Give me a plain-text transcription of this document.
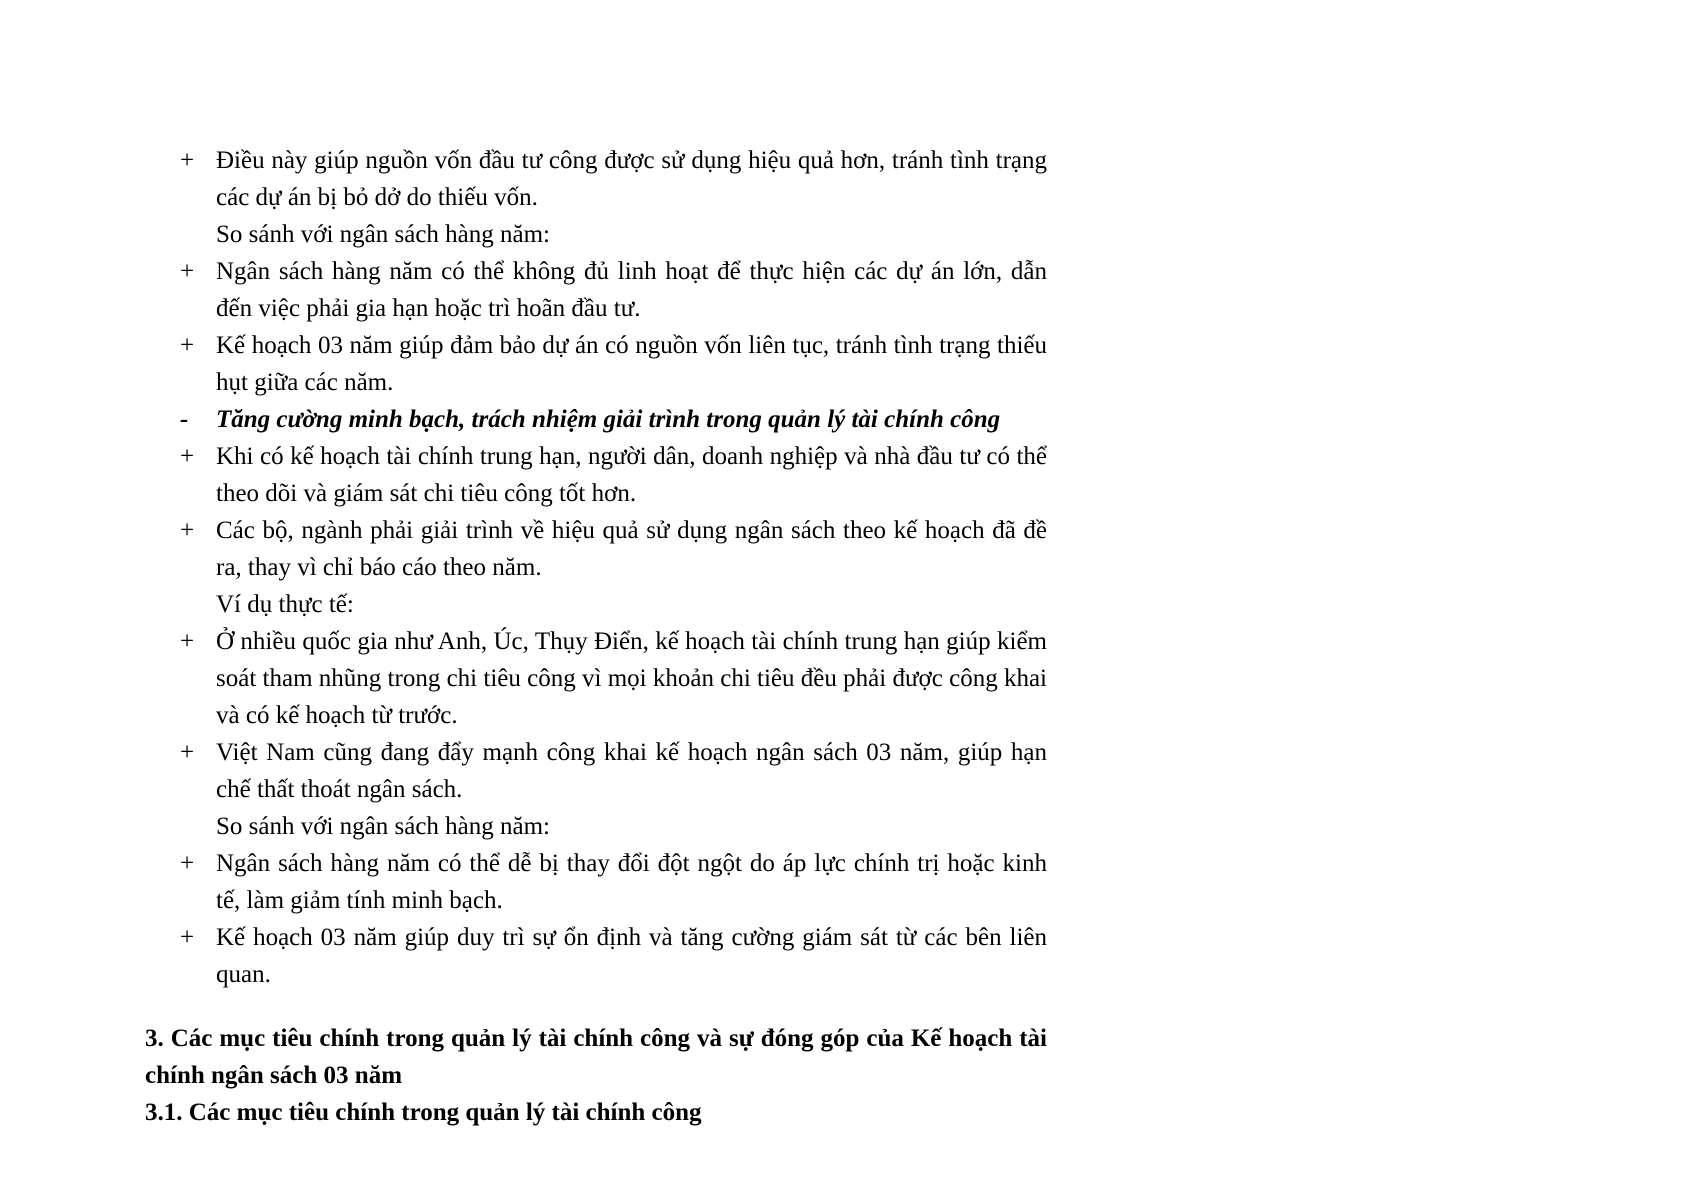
+ Điều này giúp nguồn vốn đầu tư công được sử dụng hiệu quả hơn, tránh tình trạng các dự án bị bỏ dở do thiếu vốn.
So sánh với ngân sách hàng năm:
+ Ngân sách hàng năm có thể không đủ linh hoạt để thực hiện các dự án lớn, dẫn đến việc phải gia hạn hoặc trì hoãn đầu tư.
+ Kế hoạch 03 năm giúp đảm bảo dự án có nguồn vốn liên tục, tránh tình trạng thiếu hụt giữa các năm.
-	Tăng cường minh bạch, trách nhiệm giải trình trong quản lý tài chính công
+ Khi có kế hoạch tài chính trung hạn, người dân, doanh nghiệp và nhà đầu tư có thể theo dõi và giám sát chi tiêu công tốt hơn.
+ Các bộ, ngành phải giải trình về hiệu quả sử dụng ngân sách theo kế hoạch đã đề ra, thay vì chỉ báo cáo theo năm.
Ví dụ thực tế:
+ Ở nhiều quốc gia như Anh, Úc, Thụy Điển, kế hoạch tài chính trung hạn giúp kiểm soát tham nhũng trong chi tiêu công vì mọi khoản chi tiêu đều phải được công khai và có kế hoạch từ trước.
+ Việt Nam cũng đang đẩy mạnh công khai kế hoạch ngân sách 03 năm, giúp hạn chế thất thoát ngân sách.
So sánh với ngân sách hàng năm:
+ Ngân sách hàng năm có thể dễ bị thay đổi đột ngột do áp lực chính trị hoặc kinh tế, làm giảm tính minh bạch.
+ Kế hoạch 03 năm giúp duy trì sự ổn định và tăng cường giám sát từ các bên liên quan.
3. Các mục tiêu chính trong quản lý tài chính công và sự đóng góp của Kế hoạch tài chính ngân sách 03 năm
3.1. Các mục tiêu chính trong quản lý tài chính công
